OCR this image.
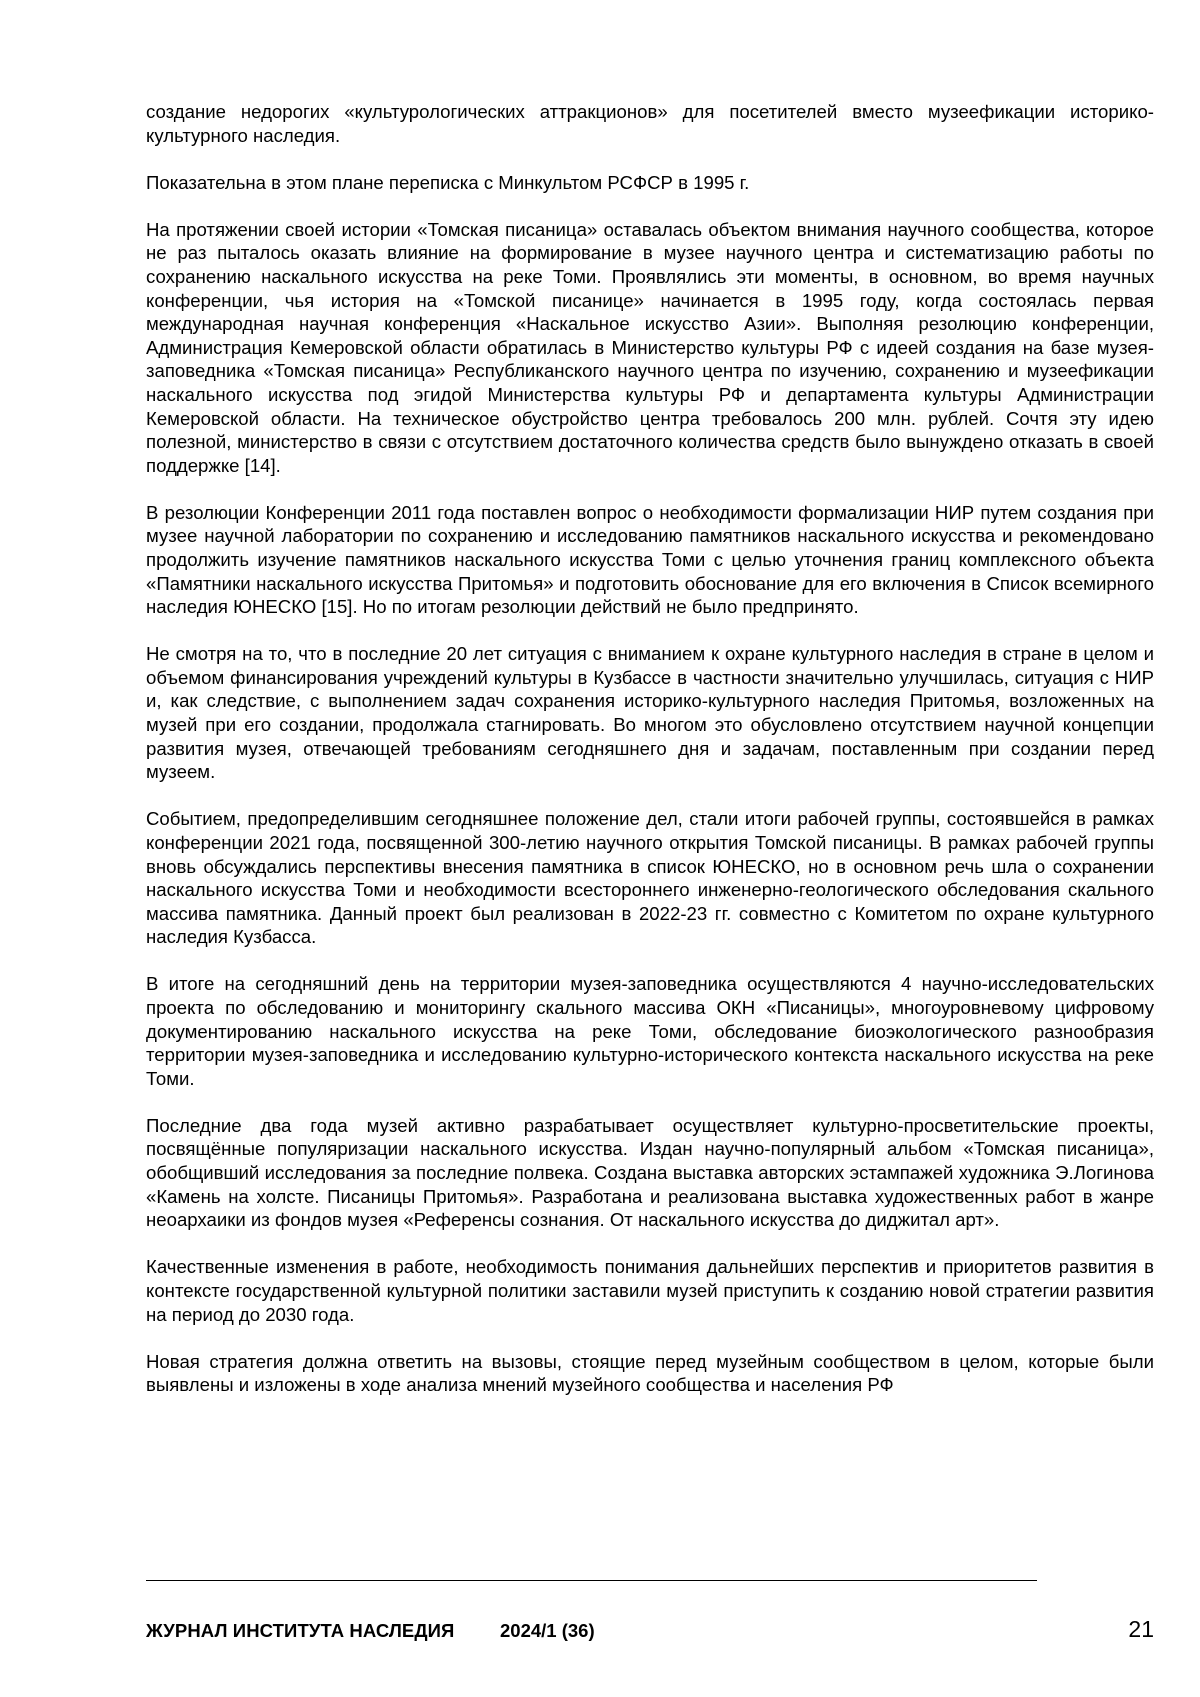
создание недорогих «культурологических аттракционов» для посетителей вместо музеефикации историко-культурного наследия.

Показательна в этом плане переписка с Минкультом РСФСР в 1995 г.

На протяжении своей истории «Томская писаница» оставалась объектом внимания научного сообщества, которое не раз пыталось оказать влияние на формирование в музее научного центра и систематизацию работы по сохранению наскального искусства на реке Томи. Проявлялись эти моменты, в основном, во время научных конференции, чья история на «Томской писанице» начинается в 1995 году, когда состоялась первая международная научная конференция «Наскальное искусство Азии». Выполняя резолюцию конференции, Администрация Кемеровской области обратилась в Министерство культуры РФ с идеей создания на базе музея-заповедника «Томская писаница» Республиканского научного центра по изучению, сохранению и музеефикации наскального искусства под эгидой Министерства культуры РФ и департамента культуры Администрации Кемеровской области. На техническое обустройство центра требовалось 200 млн. рублей. Сочтя эту идею полезной, министерство в связи с отсутствием достаточного количества средств было вынуждено отказать в своей поддержке [14].

В резолюции Конференции 2011 года поставлен вопрос о необходимости формализации НИР путем создания при музее научной лаборатории по сохранению и исследованию памятников наскального искусства и рекомендовано продолжить изучение памятников наскального искусства Томи с целью уточнения границ комплексного объекта «Памятники наскального искусства Притомья» и подготовить обоснование для его включения в Список всемирного наследия ЮНЕСКО [15]. Но по итогам резолюции действий не было предпринято.

Не смотря на то, что в последние 20 лет ситуация с вниманием к охране культурного наследия в стране в целом и объемом финансирования учреждений культуры в Кузбассе в частности значительно улучшилась, ситуация с НИР и, как следствие, с выполнением задач сохранения историко-культурного наследия Притомья, возложенных на музей при его создании, продолжала стагнировать. Во многом это обусловлено отсутствием научной концепции развития музея, отвечающей требованиям сегодняшнего дня и задачам, поставленным при создании перед музеем.

Событием, предопределившим сегодняшнее положение дел, стали итоги рабочей группы, состоявшейся в рамках конференции 2021 года, посвященной 300-летию научного открытия Томской писаницы. В рамках рабочей группы вновь обсуждались перспективы внесения памятника в список ЮНЕСКО, но в основном речь шла о сохранении наскального искусства Томи и необходимости всестороннего инженерно-геологического обследования скального массива памятника. Данный проект был реализован в 2022-23 гг. совместно с Комитетом по охране культурного наследия Кузбасса.

В итоге на сегодняшний день на территории музея-заповедника осуществляются 4 научно-исследовательских проекта по обследованию и мониторингу скального массива ОКН «Писаницы», многоуровневому цифровому документированию наскального искусства на реке Томи, обследование биоэкологического разнообразия территории музея-заповедника и исследованию культурно-исторического контекста наскального искусства на реке Томи.

Последние два года музей активно разрабатывает осуществляет культурно-просветительские проекты, посвящённые популяризации наскального искусства. Издан научно-популярный альбом «Томская писаница», обобщивший исследования за последние полвека. Создана выставка авторских эстампажей художника Э.Логинова «Камень на холсте. Писаницы Притомья». Разработана и реализована выставка художественных работ в жанре неоархаики из фондов музея «Референсы сознания. От наскального искусства до диджитал арт».

Качественные изменения в работе, необходимость понимания дальнейших перспектив и приоритетов развития в контексте государственной культурной политики заставили музей приступить к созданию новой стратегии развития на период до 2030 года.

Новая стратегия должна ответить на вызовы, стоящие перед музейным сообществом в целом, которые были выявлены и изложены в ходе анализа мнений музейного сообщества и населения РФ

ЖУРНАЛ ИНСТИТУТА НАСЛЕДИЯ 2024/1 (36)	21
